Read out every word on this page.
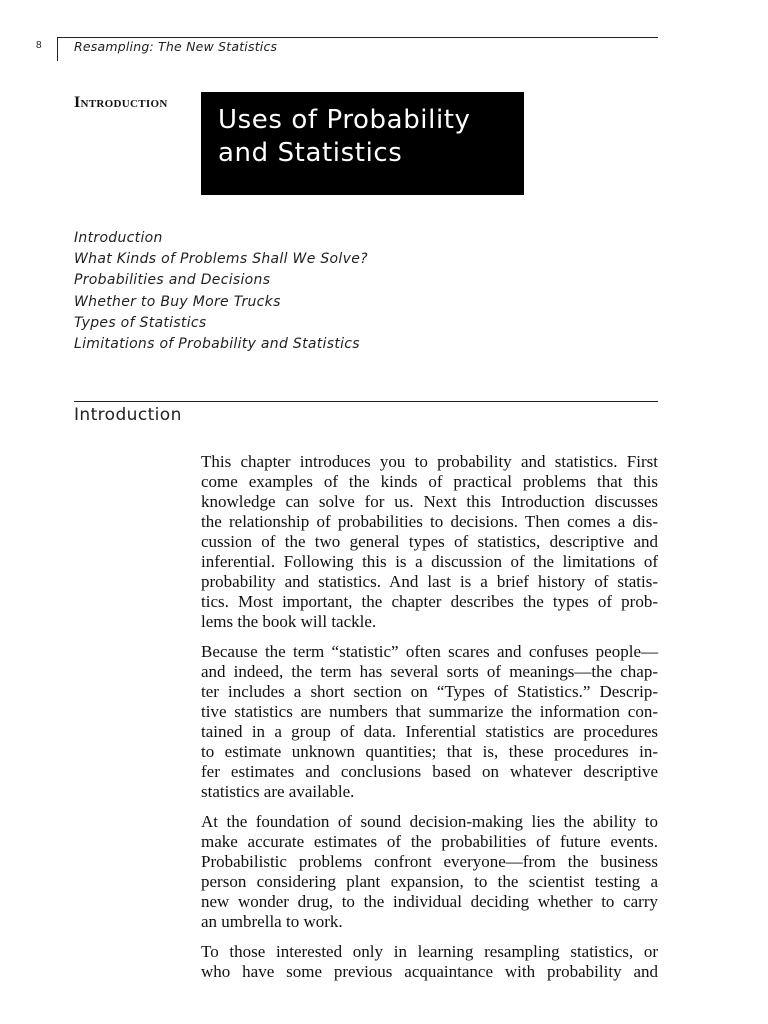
8	Resampling: The New Statistics
Introduction
Uses of Probability
and Statistics
Introduction
What Kinds of Problems Shall We Solve?
Probabilities and Decisions
Whether to Buy More Trucks
Types of Statistics
Limitations of Probability and Statistics
Introduction

This chapter introduces you to probability and statistics. First
come examples of the kinds of practical problems that this
knowledge can solve for us. Next this Introduction discusses
the relationship of probabilities to decisions. Then comes a dis-
cussion of the two general types of statistics, descriptive and
inferential. Following this is a discussion of the limitations of
probability and statistics. And last is a brief history of statis-
tics. Most important, the chapter describes the types of prob-
lems the book will tackle.

Because the term “statistic” often scares and confuses people—
and indeed, the term has several sorts of meanings—the chap-
ter includes a short section on “Types of Statistics.” Descrip-
tive statistics are numbers that summarize the information con-
tained in a group of data. Inferential statistics are procedures
to estimate unknown quantities; that is, these procedures in-
fer estimates and conclusions based on whatever descriptive
statistics are available.

At the foundation of sound decision-making lies the ability to
make accurate estimates of the probabilities of future events.
Probabilistic problems confront everyone—from the business
person considering plant expansion, to the scientist testing a
new wonder drug, to the individual deciding whether to carry
an umbrella to work.

To those interested only in learning resampling statistics, or
who have some previous acquaintance with probability and
